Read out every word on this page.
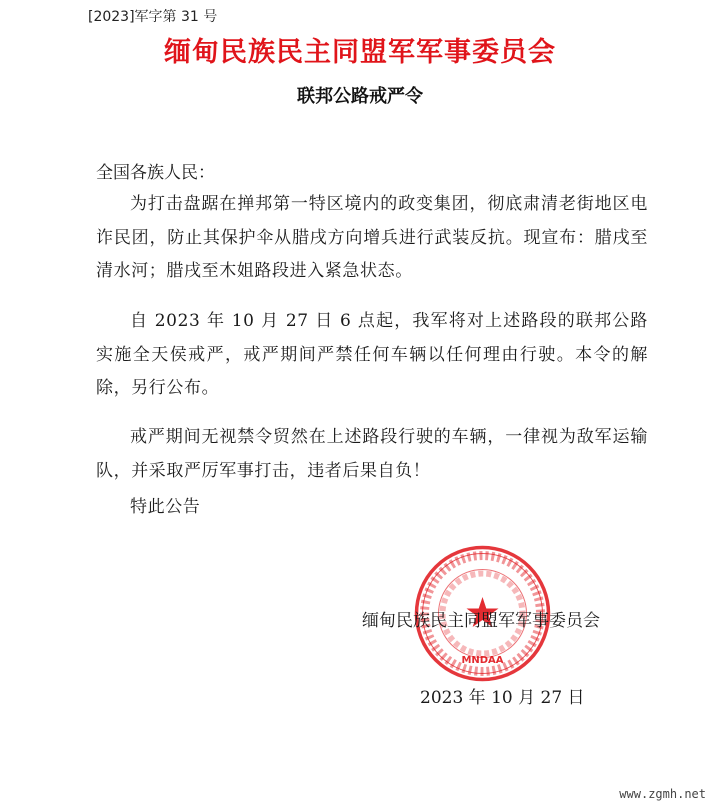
[2023]军字第 31 号
缅甸民族民主同盟军军事委员会
联邦公路戒严令
全国各族人民：
为打击盘踞在掸邦第一特区境内的政变集团，彻底肃清老街地区电诈民团，防止其保护伞从腊戌方向增兵进行武装反抗。现宣布：腊戌至清水河；腊戌至木姐路段进入紧急状态。
自 2023 年 10 月 27 日 6 点起，我军将对上述路段的联邦公路实施全天侯戒严，戒严期间严禁任何车辆以任何理由行驶。本令的解除，另行公布。
戒严期间无视禁令贸然在上述路段行驶的车辆，一律视为敌军运输队，并采取严厉军事打击，违者后果自负！
特此公告
MNDAA
缅甸民族民主同盟军军事委员会
2023 年 10 月 27 日
www.zgmh.net
